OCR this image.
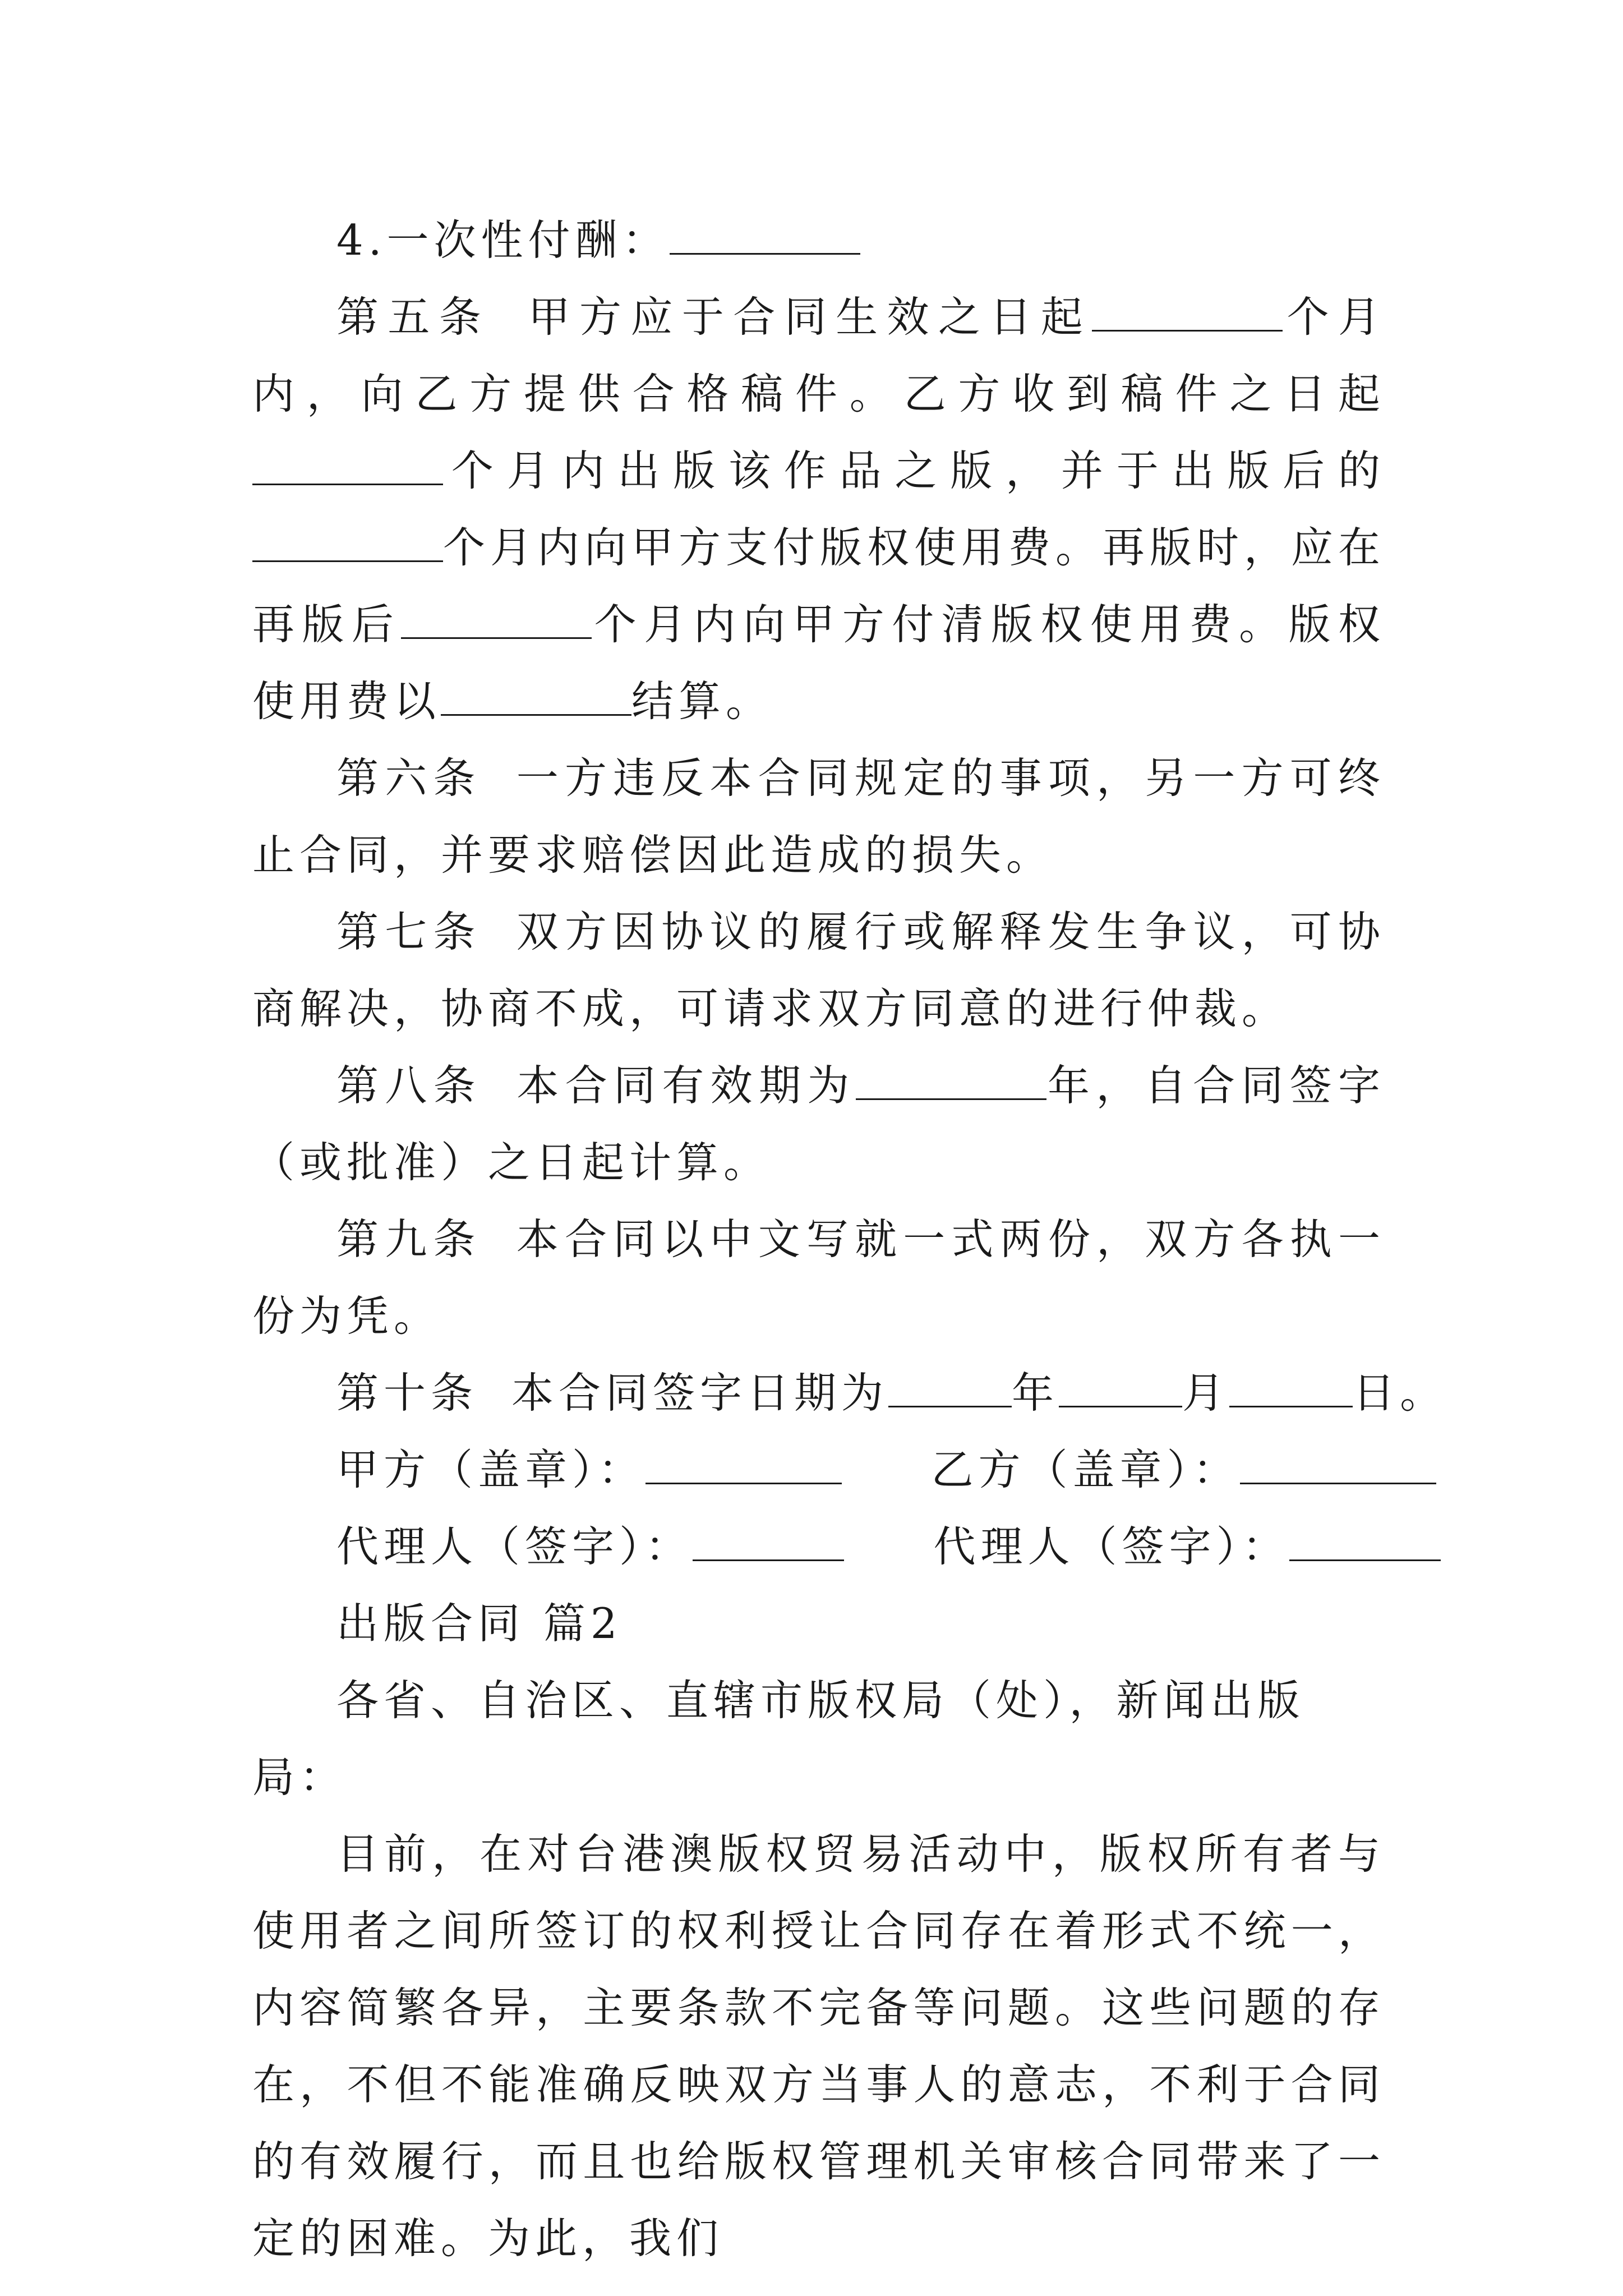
4.一次性付酬：

第五条 甲方应于合同生效之日起	个月内，向乙方提供合格稿件。乙方收到稿件之日起个月内出版该作品之版，并于出版后的个月内向甲方支付版权使用费。再版时，应在再版后	个月内向甲方付清版权使用费。版权使用费以	结算。

第六条 一方违反本合同规定的事项，另一方可终止合同，并要求赔偿因此造成的损失。

第七条 双方因协议的履行或解释发生争议，可协商解决，协商不成，可请求双方同意的进行仲裁。

第八条 本合同有效期为	年，自合同签字（或批准）之日起计算。

第九条 本合同以中文写就一式两份，双方各执一份为凭。

第十条 本合同签字日期为	年	月	日。

甲方（盖章）：	乙方（盖章）：

代理人（签字）：	代理人（签字）：

出版合同 篇2

各省、自治区、直辖市版权局（处），新闻出版局：

目前，在对台港澳版权贸易活动中，版权所有者与使用者之间所签订的权利授让合同存在着形式不统一，内容简繁各异，主要条款不完备等问题。这些问题的存在，不但不能准确反映双方当事人的意志，不利于合同的有效履行，而且也给版权管理机关审核合同带来了一定的困难。为此，我们
